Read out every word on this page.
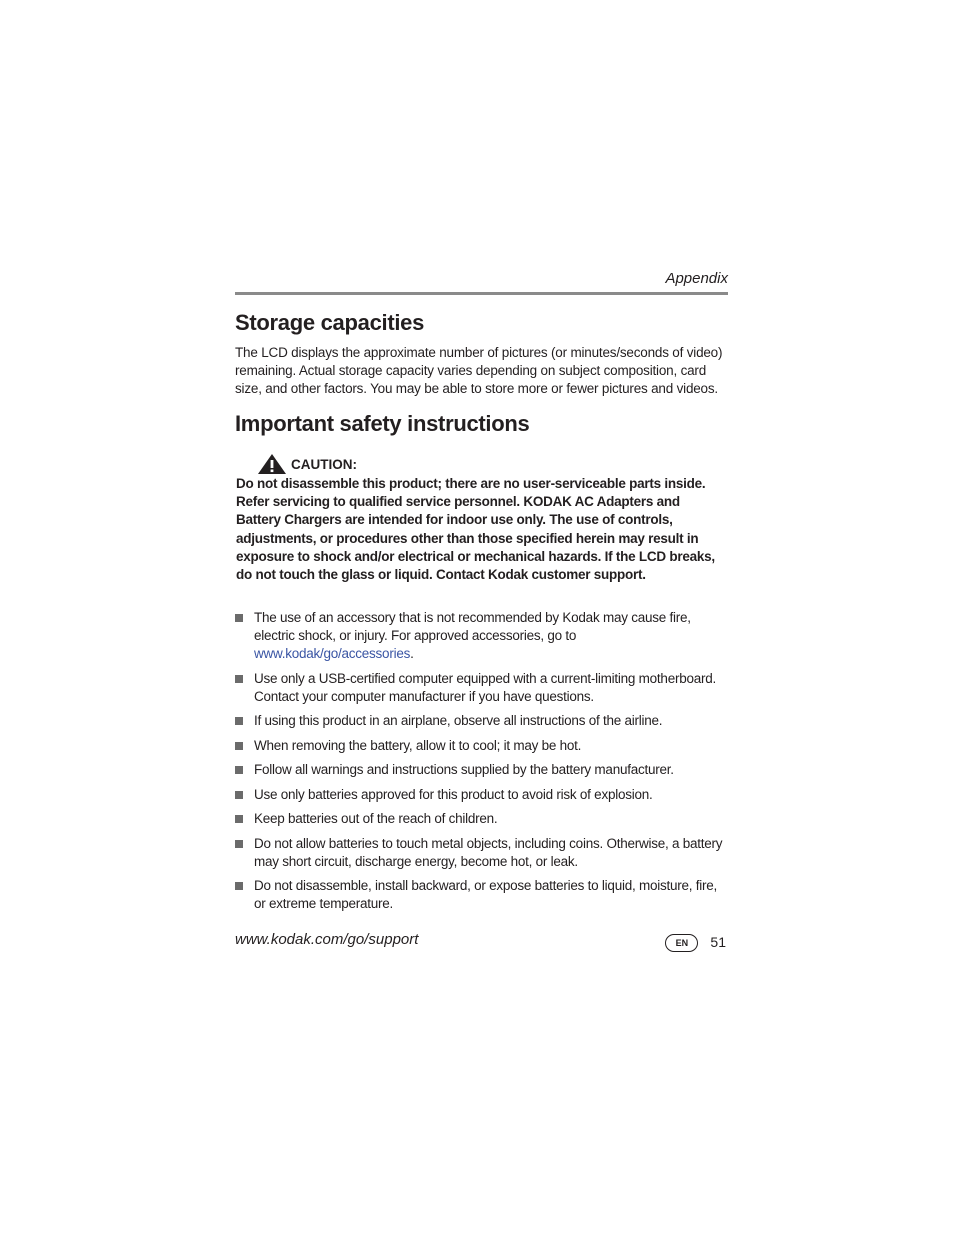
Appendix
Storage capacities
The LCD displays the approximate number of pictures (or minutes/seconds of video) remaining. Actual storage capacity varies depending on subject composition, card size, and other factors. You may be able to store more or fewer pictures and videos.
Important safety instructions
CAUTION:
Do not disassemble this product; there are no user-serviceable parts inside. Refer servicing to qualified service personnel. KODAK AC Adapters and Battery Chargers are intended for indoor use only. The use of controls, adjustments, or procedures other than those specified herein may result in exposure to shock and/or electrical or mechanical hazards. If the LCD breaks, do not touch the glass or liquid. Contact Kodak customer support.
The use of an accessory that is not recommended by Kodak may cause fire, electric shock, or injury. For approved accessories, go to www.kodak/go/accessories.
Use only a USB-certified computer equipped with a current-limiting motherboard. Contact your computer manufacturer if you have questions.
If using this product in an airplane, observe all instructions of the airline.
When removing the battery, allow it to cool; it may be hot.
Follow all warnings and instructions supplied by the battery manufacturer.
Use only batteries approved for this product to avoid risk of explosion.
Keep batteries out of the reach of children.
Do not allow batteries to touch metal objects, including coins. Otherwise, a battery may short circuit, discharge energy, become hot, or leak.
Do not disassemble, install backward, or expose batteries to liquid, moisture, fire, or extreme temperature.
www.kodak.com/go/support	EN	51
